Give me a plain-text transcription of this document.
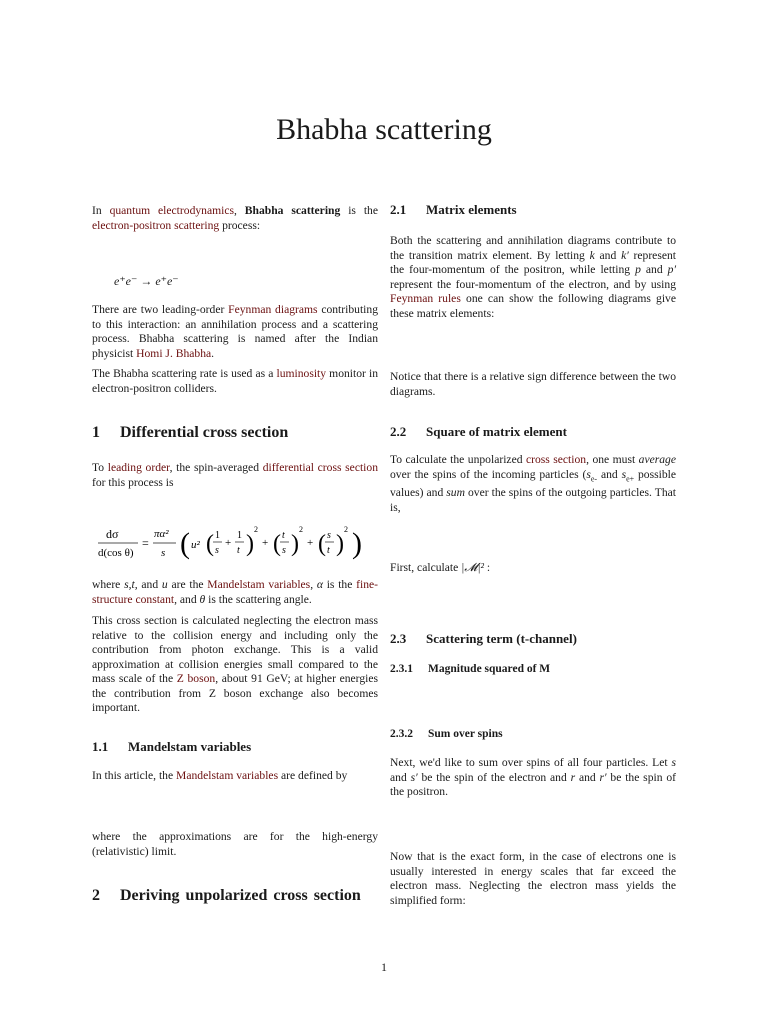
Bhabha scattering

In quantum electrodynamics, Bhabha scattering is the electron-positron scattering process:

e⁺e⁻ → e⁺e⁻

There are two leading-order Feynman diagrams contributing to this interaction: an annihilation process and a scattering process. Bhabha scattering is named after the Indian physicist Homi J. Bhabha.

The Bhabha scattering rate is used as a luminosity monitor in electron-positron colliders.

1 Differential cross section

To leading order, the spin-averaged differential cross section for this process is

dσ
d(cos θ)
=
πα²
s ( u² ( 1
s
+
1
t )
2
+ ( t
s )
2
+ ( s
t )
2 )

where s,t, and u are the Mandelstam variables, α is the fine-structure constant, and θ is the scattering angle.

This cross section is calculated neglecting the electron mass relative to the collision energy and including only the contribution from photon exchange. This is a valid approximation at collision energies small compared to the mass scale of the Z boson, about 91 GeV; at higher energies the contribution from Z boson exchange also becomes important.

1.1 Mandelstam variables

In this article, the Mandelstam variables are defined by

where the approximations are for the high-energy (relativistic) limit.

2	Deriving unpolarized cross section
2.1 Matrix elements

Both the scattering and annihilation diagrams contribute to the transition matrix element. By letting k and k′ represent the four-momentum of the positron, while letting p and p′ represent the four-momentum of the electron, and by using Feynman rules one can show the following diagrams give these matrix elements:

Notice that there is a relative sign difference between the two diagrams.

2.2 Square of matrix element

To calculate the unpolarized cross section, one must average over the spins of the incoming particles ($s_{e-}$ and $s_{e+}$ possible values) and sum over the spins of the outgoing particles. That is,

First, calculate |𝓜|² :

2.3 Scattering term (t-channel)
2.3.1 Magnitude squared of M
2.3.2 Sum over spins

Next, we'd like to sum over spins of all four particles. Let s and s′ be the spin of the electron and r and r′ be the spin of the positron.

Now that is the exact form, in the case of electrons one is usually interested in energy scales that far exceed the electron mass. Neglecting the electron mass yields the simplified form:

1
